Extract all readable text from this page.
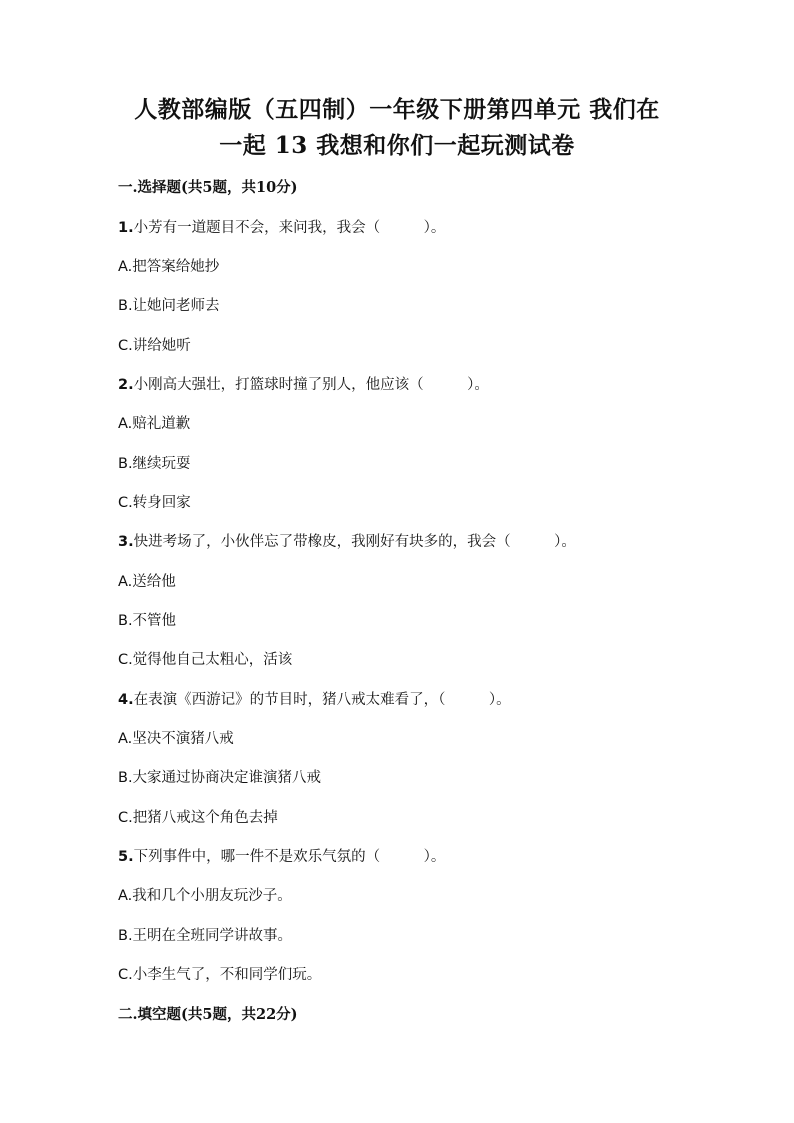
人教部编版（五四制）一年级下册第四单元 我们在
一起 13 我想和你们一起玩测试卷
一.选择题(共5题，共10分)
1.小芳有一道题目不会，来问我，我会（　　　）。
A.把答案给她抄
B.让她问老师去
C.讲给她听
2.小刚高大强壮，打篮球时撞了别人，他应该（　　　）。
A.赔礼道歉
B.继续玩耍
C.转身回家
3.快进考场了，小伙伴忘了带橡皮，我刚好有块多的，我会（　　　）。
A.送给他
B.不管他
C.觉得他自己太粗心，活该
4.在表演《西游记》的节目时，猪八戒太难看了，（　　　）。
A.坚决不演猪八戒
B.大家通过协商决定谁演猪八戒
C.把猪八戒这个角色去掉
5.下列事件中，哪一件不是欢乐气氛的（　　　）。
A.我和几个小朋友玩沙子。
B.王明在全班同学讲故事。
C.小李生气了，不和同学们玩。
二.填空题(共5题，共22分)
